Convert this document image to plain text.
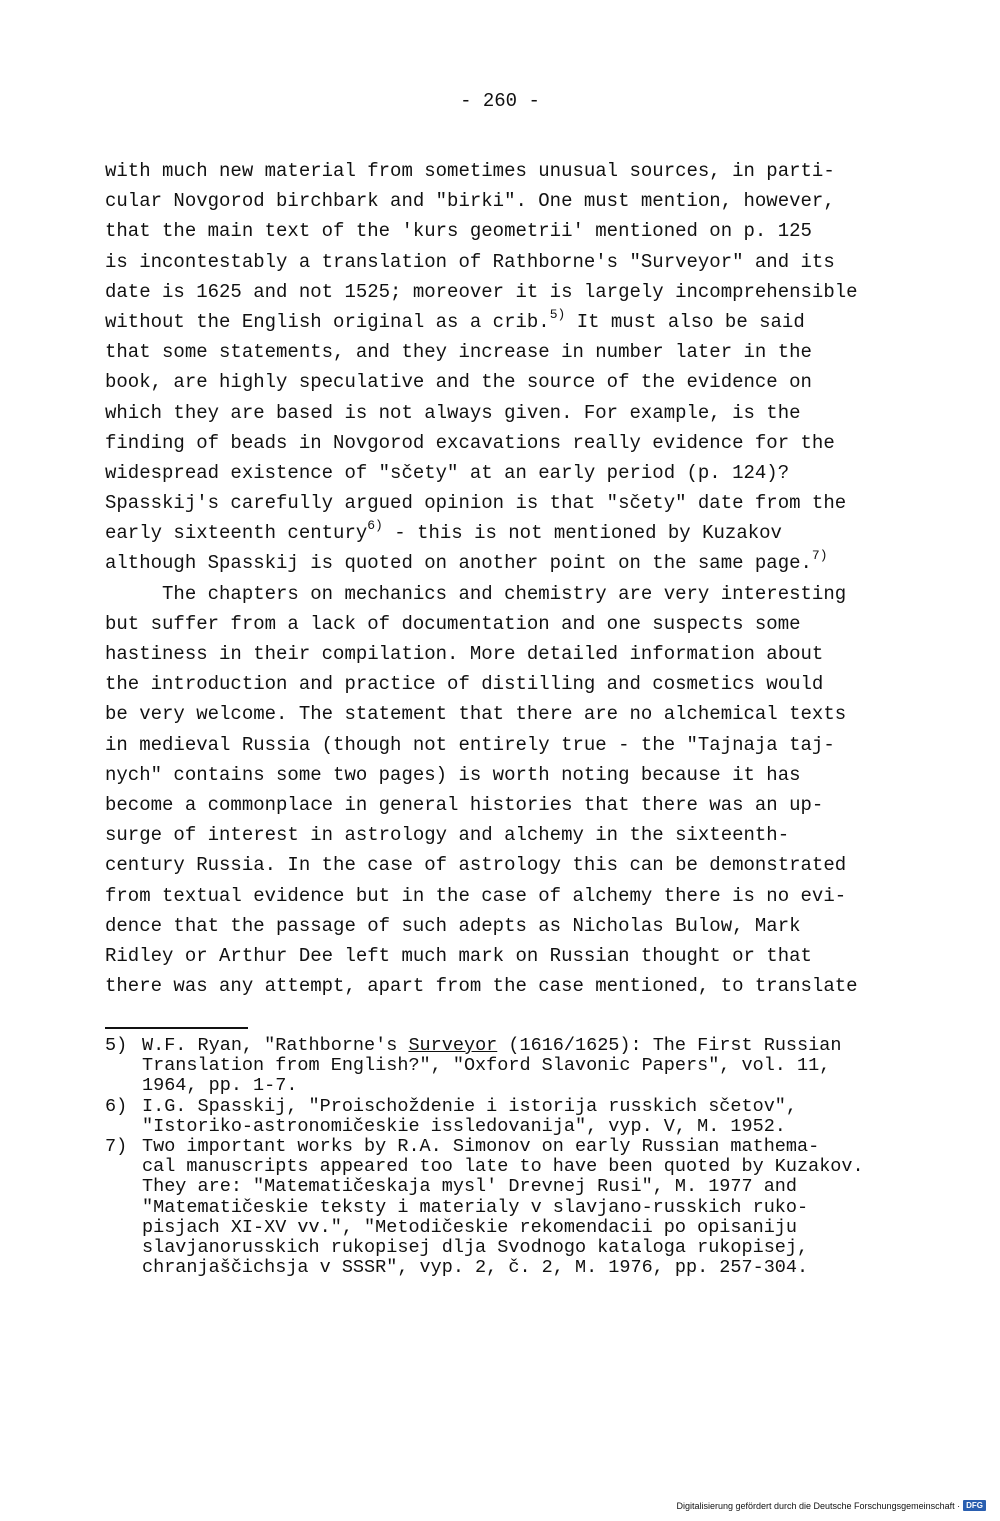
- 260 -
with much new material from sometimes unusual sources, in parti-
cular Novgorod birchbark and "birki". One must mention, however,
that the main text of the 'kurs geometrii' mentioned on p. 125
is incontestably a translation of Rathborne's "Surveyor" and its
date is 1625 and not 1525; moreover it is largely incomprehensible
without the English original as a crib.$^{5)}$ It must also be said
that some statements, and they increase in number later in the
book, are highly speculative and the source of the evidence on
which they are based is not always given. For example, is the
finding of beads in Novgorod excavations really evidence for the
widespread existence of "sčety" at an early period (p. 124)?
Spasskij's carefully argued opinion is that "sčety" date from the
early sixteenth century$^{6)}$ - this is not mentioned by Kuzakov
although Spasskij is quoted on another point on the same page.$^{7)}$
The chapters on mechanics and chemistry are very interesting
but suffer from a lack of documentation and one suspects some
hastiness in their compilation. More detailed information about
the introduction and practice of distilling and cosmetics would
be very welcome. The statement that there are no alchemical texts
in medieval Russia (though not entirely true - the "Tajnaja taj-
nych" contains some two pages) is worth noting because it has
become a commonplace in general histories that there was an up-
surge of interest in astrology and alchemy in the sixteenth-
century Russia. In the case of astrology this can be demonstrated
from textual evidence but in the case of alchemy there is no evi-
dence that the passage of such adepts as Nicholas Bulow, Mark
Ridley or Arthur Dee left much mark on Russian thought or that
there was any attempt, apart from the case mentioned, to translate
5) W.F. Ryan, "Rathborne's Surveyor (1616/1625): The First Russian
Translation from English?", "Oxford Slavonic Papers", vol. 11,
1964, pp. 1-7.
6) I.G. Spasskij, "Proischoždenie i istorija russkich sčetov",
"Istoriko-astronomičeskie issledovanija", vyp. V, M. 1952.
7) Two important works by R.A. Simonov on early Russian mathema-
cal manuscripts appeared too late to have been quoted by Kuzakov.
They are: "Matematičeskaja mysl' Drevnej Rusi", M. 1977 and
"Matematičeskie teksty i materialy v slavjano-russkich ruko-
pisjach XI-XV vv.", "Metodičeskie rekomendacii po opisaniju
slavjanorusskich rukopisej dlja Svodnogo kataloga rukopisej,
chranjaščichsja v SSSR", vyp. 2, č. 2, M. 1976, pp. 257-304.
Digitalisierung gefördert durch die Deutsche Forschungsgemeinschaft · DFG
